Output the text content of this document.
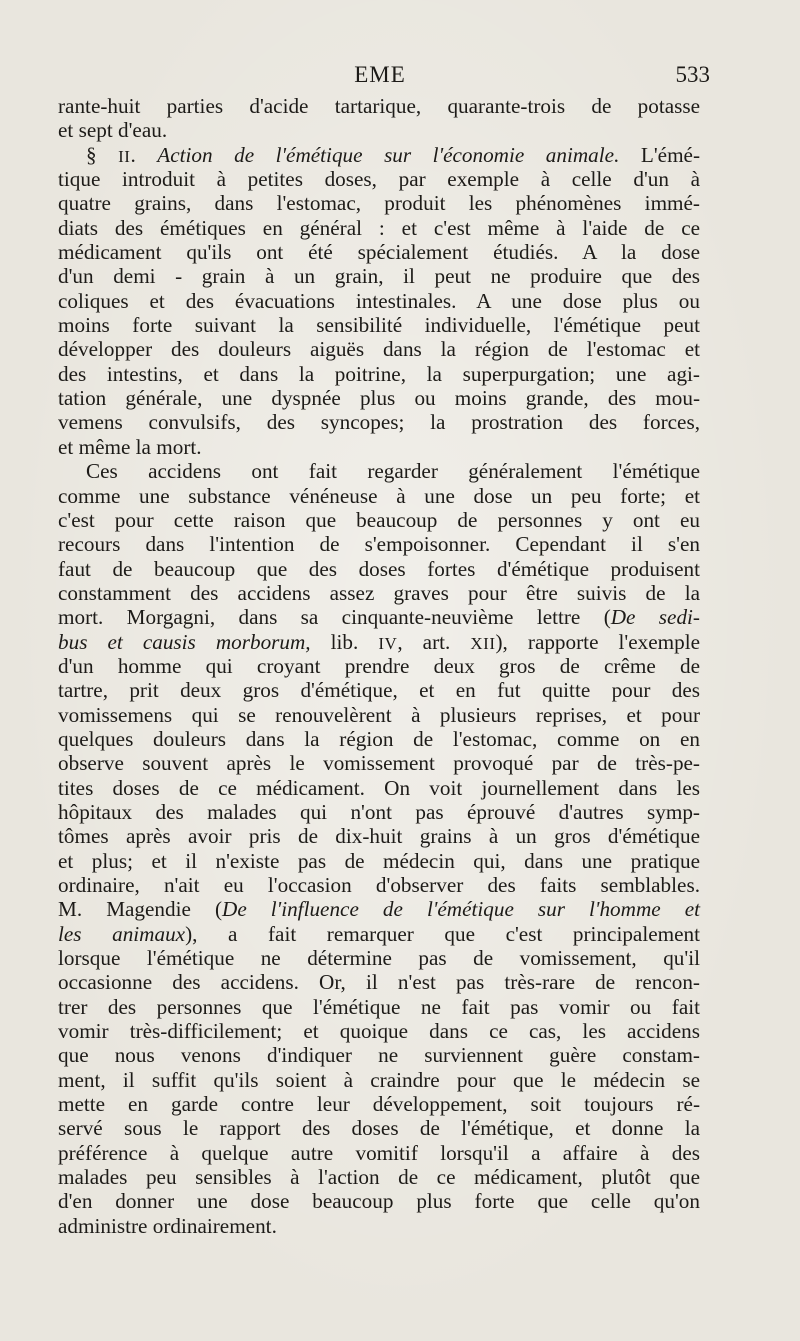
EME	533
rante-huit parties d'acide tartarique, quarante-trois de potasse
et sept d'eau.
§ II. Action de l'émétique sur l'économie animale. L'émé-
tique introduit à petites doses, par exemple à celle d'un à
quatre grains, dans l'estomac, produit les phénomènes immé-
diats des émétiques en général : et c'est même à l'aide de ce
médicament qu'ils ont été spécialement étudiés. A la dose
d'un demi - grain à un grain, il peut ne produire que des
coliques et des évacuations intestinales. A une dose plus ou
moins forte suivant la sensibilité individuelle, l'émétique peut
développer des douleurs aiguës dans la région de l'estomac et
des intestins, et dans la poitrine, la superpurgation; une agi-
tation générale, une dyspnée plus ou moins grande, des mou-
vemens convulsifs, des syncopes; la prostration des forces,
et même la mort.
Ces accidens ont fait regarder généralement l'émétique
comme une substance vénéneuse à une dose un peu forte; et
c'est pour cette raison que beaucoup de personnes y ont eu
recours dans l'intention de s'empoisonner. Cependant il s'en
faut de beaucoup que des doses fortes d'émétique produisent
constamment des accidens assez graves pour être suivis de la
mort. Morgagni, dans sa cinquante-neuvième lettre (De sedi-
bus et causis morborum, lib. IV, art. XII), rapporte l'exemple
d'un homme qui croyant prendre deux gros de crême de
tartre, prit deux gros d'émétique, et en fut quitte pour des
vomissemens qui se renouvelèrent à plusieurs reprises, et pour
quelques douleurs dans la région de l'estomac, comme on en
observe souvent après le vomissement provoqué par de très-pe-
tites doses de ce médicament. On voit journellement dans les
hôpitaux des malades qui n'ont pas éprouvé d'autres symp-
tômes après avoir pris de dix-huit grains à un gros d'émétique
et plus; et il n'existe pas de médecin qui, dans une pratique
ordinaire, n'ait eu l'occasion d'observer des faits semblables.
M. Magendie (De l'influence de l'émétique sur l'homme et
les animaux), a fait remarquer que c'est principalement
lorsque l'émétique ne détermine pas de vomissement, qu'il
occasionne des accidens. Or, il n'est pas très-rare de rencon-
trer des personnes que l'émétique ne fait pas vomir ou fait
vomir très-difficilement; et quoique dans ce cas, les accidens
que nous venons d'indiquer ne surviennent guère constam-
ment, il suffit qu'ils soient à craindre pour que le médecin se
mette en garde contre leur développement, soit toujours ré-
servé sous le rapport des doses de l'émétique, et donne la
préférence à quelque autre vomitif lorsqu'il a affaire à des
malades peu sensibles à l'action de ce médicament, plutôt que
d'en donner une dose beaucoup plus forte que celle qu'on
administre ordinairement.
